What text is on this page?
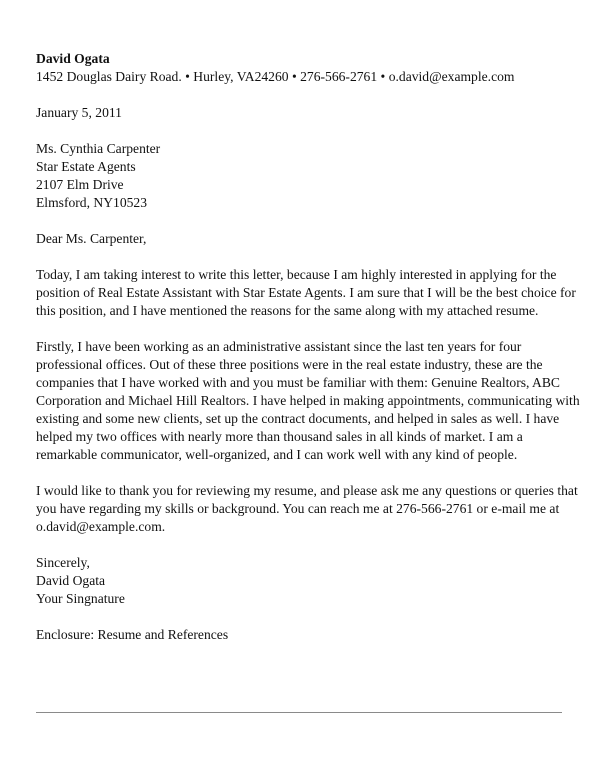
David Ogata
1452 Douglas Dairy Road. • Hurley, VA24260 • 276-566-2761 • o.david@example.com
January 5, 2011
Ms. Cynthia Carpenter
Star Estate Agents
2107 Elm Drive
Elmsford, NY10523
Dear Ms. Carpenter,
Today, I am taking interest to write this letter, because I am highly interested in applying for the
position of Real Estate Assistant with Star Estate Agents. I am sure that I will be the best choice for
this position, and I have mentioned the reasons for the same along with my attached resume.
Firstly, I have been working as an administrative assistant since the last ten years for four
professional offices. Out of these three positions were in the real estate industry, these are the
companies that I have worked with and you must be familiar with them: Genuine Realtors, ABC
Corporation and Michael Hill Realtors. I have helped in making appointments, communicating with
existing and some new clients, set up the contract documents, and helped in sales as well. I have
helped my two offices with nearly more than thousand sales in all kinds of market. I am a
remarkable communicator, well-organized, and I can work well with any kind of people.
I would like to thank you for reviewing my resume, and please ask me any questions or queries that
you have regarding my skills or background. You can reach me at 276-566-2761 or e-mail me at
o.david@example.com.
Sincerely,
David Ogata
Your Singnature
Enclosure: Resume and References
